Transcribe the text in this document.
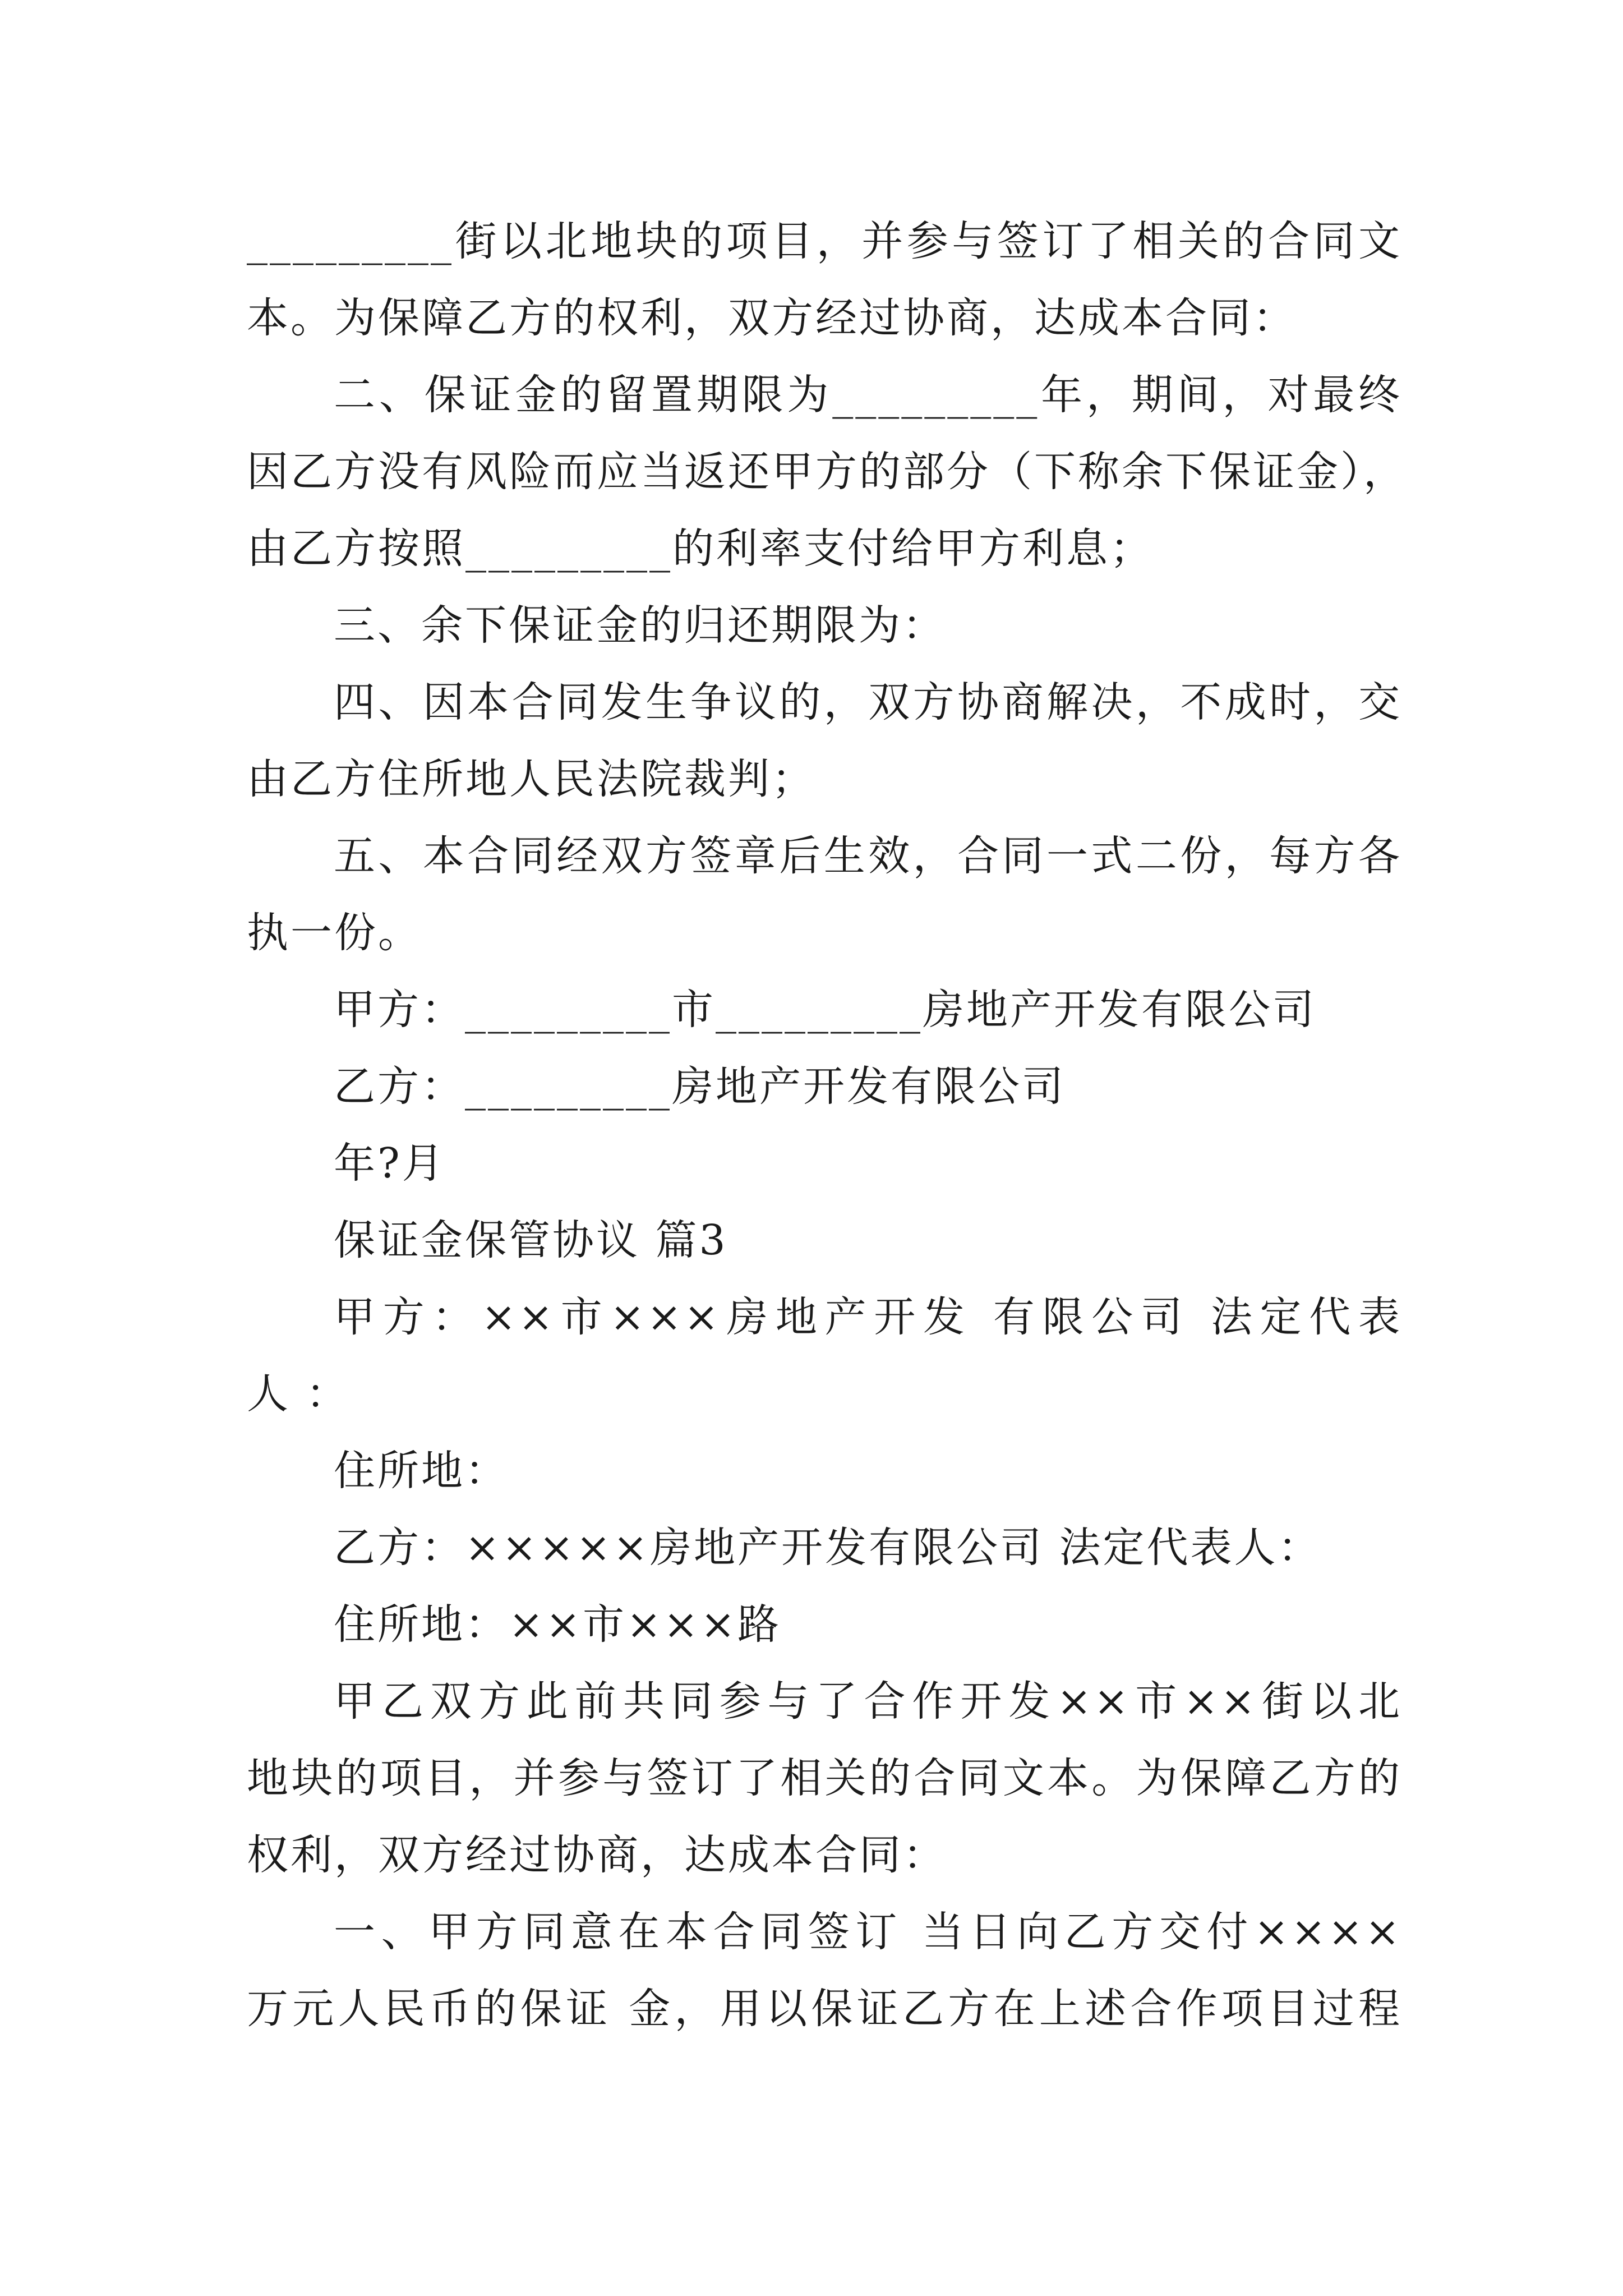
_________街以北地块的项目，并参与签订了相关的合同文
本。为保障乙方的权利，双方经过协商，达成本合同：
二、保证金的留置期限为_________年，期间，对最终
因乙方没有风险而应当返还甲方的部分（下称余下保证金），
由乙方按照_________的利率支付给甲方利息；
三、余下保证金的归还期限为：
四、因本合同发生争议的，双方协商解决，不成时，交
由乙方住所地人民法院裁判；
五、本合同经双方签章后生效，合同一式二份，每方各
执一份。
甲方：_________市_________房地产开发有限公司
乙方：_________房地产开发有限公司
年?月
保证金保管协议 篇3
甲方：××市×××房地产开发 有限公司 法定代表
人 ：
住所地：
乙方：×××××房地产开发有限公司 法定代表人：
住所地：××市×××路
甲乙双方此前共同参与了合作开发××市××街以北
地块的项目，并参与签订了相关的合同文本。为保障乙方的
权利，双方经过协商，达成本合同：
一、甲方同意在本合同签订 当日向乙方交付××××
万元人民币的保证 金，用以保证乙方在上述合作项目过程
